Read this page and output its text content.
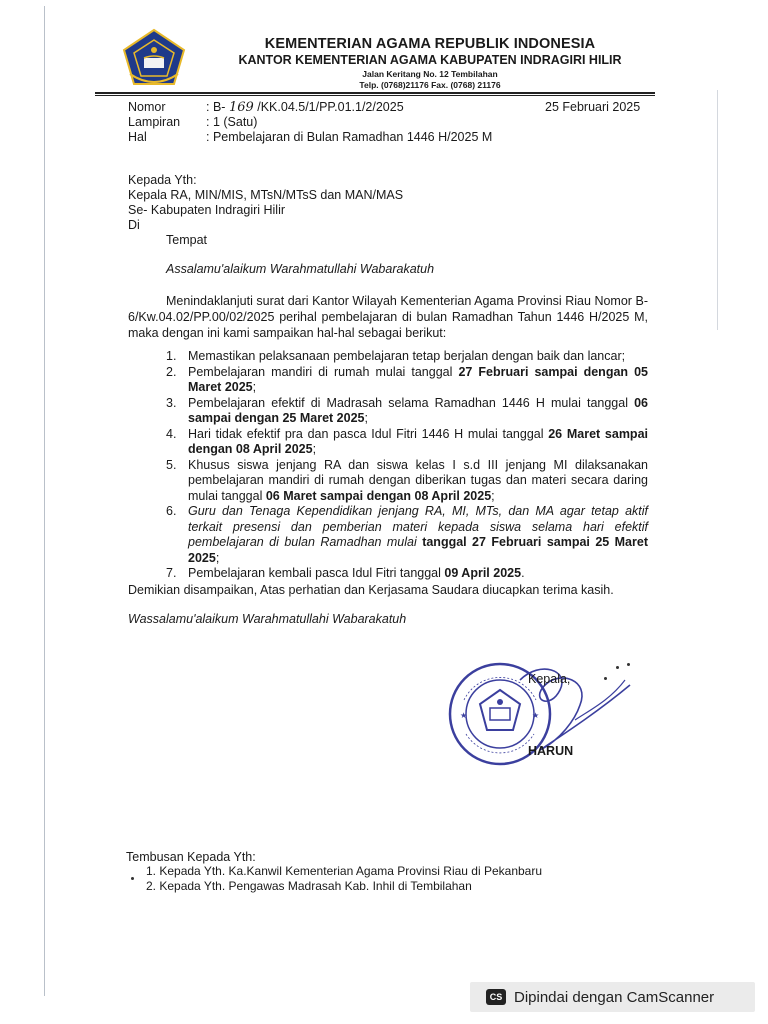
KEMENTERIAN AGAMA REPUBLIK INDONESIA
KANTOR KEMENTERIAN AGAMA KABUPATEN INDRAGIRI HILIR
Jalan Keritang No. 12 Tembilahan
Telp. (0768)21176 Fax. (0768) 21176
Nomor	: B- 169 /KK.04.5/1/PP.01.1/2/2025	25 Februari 2025
Lampiran : 1 (Satu)
Hal	: Pembelajaran di Bulan Ramadhan 1446 H/2025 M
Kepada Yth:
Kepala RA, MIN/MIS, MTsN/MTsS dan MAN/MAS
Se- Kabupaten Indragiri Hilir
Di
Tempat
Assalamu'alaikum Warahmatullahi Wabarakatuh
Menindaklanjuti surat dari Kantor Wilayah Kementerian Agama Provinsi Riau Nomor B-6/Kw.04.02/PP.00/02/2025 perihal pembelajaran di bulan Ramadhan Tahun 1446 H/2025 M, maka dengan ini kami sampaikan hal-hal sebagai berikut:
1. Memastikan pelaksanaan pembelajaran tetap berjalan dengan baik dan lancar;
2. Pembelajaran mandiri di rumah mulai tanggal 27 Februari sampai dengan 05 Maret 2025;
3. Pembelajaran efektif di Madrasah selama Ramadhan 1446 H mulai tanggal 06 sampai dengan 25 Maret 2025;
4. Hari tidak efektif pra dan pasca Idul Fitri 1446 H mulai tanggal 26 Maret sampai dengan 08 April 2025;
5. Khusus siswa jenjang RA dan siswa kelas I s.d III jenjang MI dilaksanakan pembelajaran mandiri di rumah dengan diberikan tugas dan materi secara daring mulai tanggal 06 Maret sampai dengan 08 April 2025;
6. Guru dan Tenaga Kependidikan jenjang RA, MI, MTs, dan MA agar tetap aktif terkait presensi dan pemberian materi kepada siswa selama hari efektif pembelajaran di bulan Ramadhan mulai tanggal 27 Februari sampai 25 Maret 2025;
7. Pembelajaran kembali pasca Idul Fitri tanggal 09 April 2025.
Demikian disampaikan, Atas perhatian dan Kerjasama Saudara diucapkan terima kasih.
Wassalamu'alaikum Warahmatullahi Wabarakatuh
★	★
Kepala,
HARUN
Tembusan Kepada Yth:
1. Kepada Yth. Ka.Kanwil Kementerian Agama Provinsi Riau di Pekanbaru
2. Kepada Yth. Pengawas Madrasah Kab. Inhil di Tembilahan
CS Dipindai dengan CamScanner
